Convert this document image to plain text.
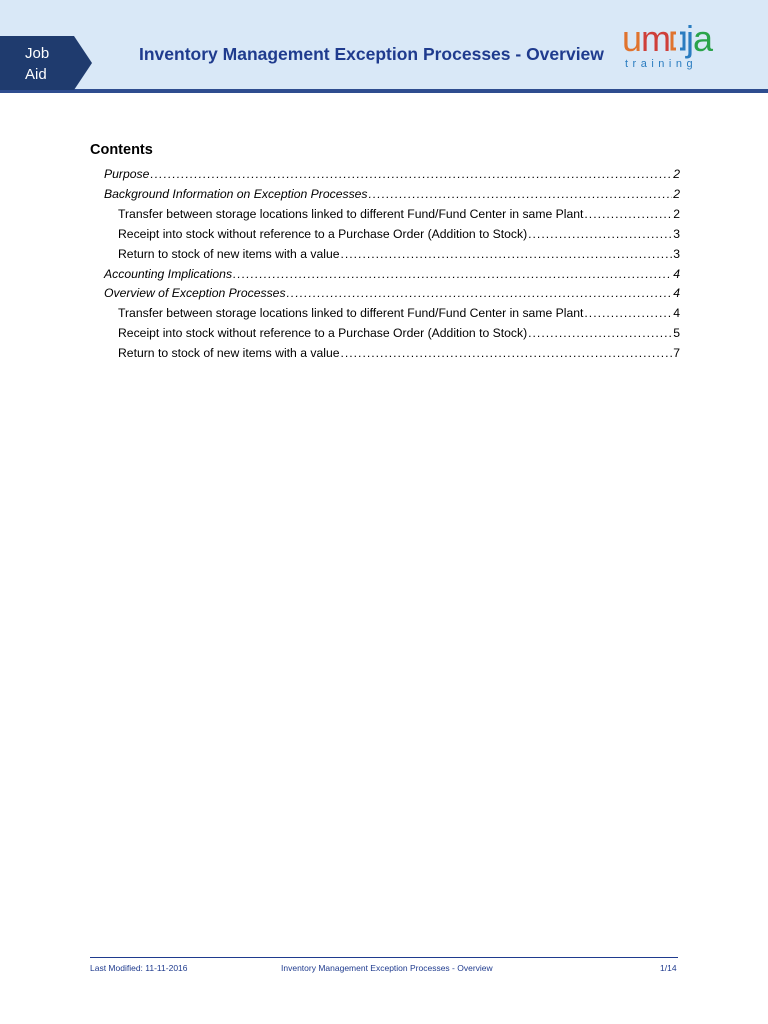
Job
Aid
Inventory Management Exception Processes - Overview um ja
training
Contents
Purpose .....	2
Background Information on Exception Processes .....	2
Transfer between storage locations linked to different Fund/Fund Center in same Plant .....	2
Receipt into stock without reference to a Purchase Order (Addition to Stock) .....	3
Return to stock of new items with a value .....	3
Accounting Implications .....	4
Overview of Exception Processes .....	4
Transfer between storage locations linked to different Fund/Fund Center in same Plant .....	4
Receipt into stock without reference to a Purchase Order (Addition to Stock) .....	5
Return to stock of new items with a value .....	7
Last Modified: 11-11-2016	Inventory Management Exception Processes - Overview	1/14
